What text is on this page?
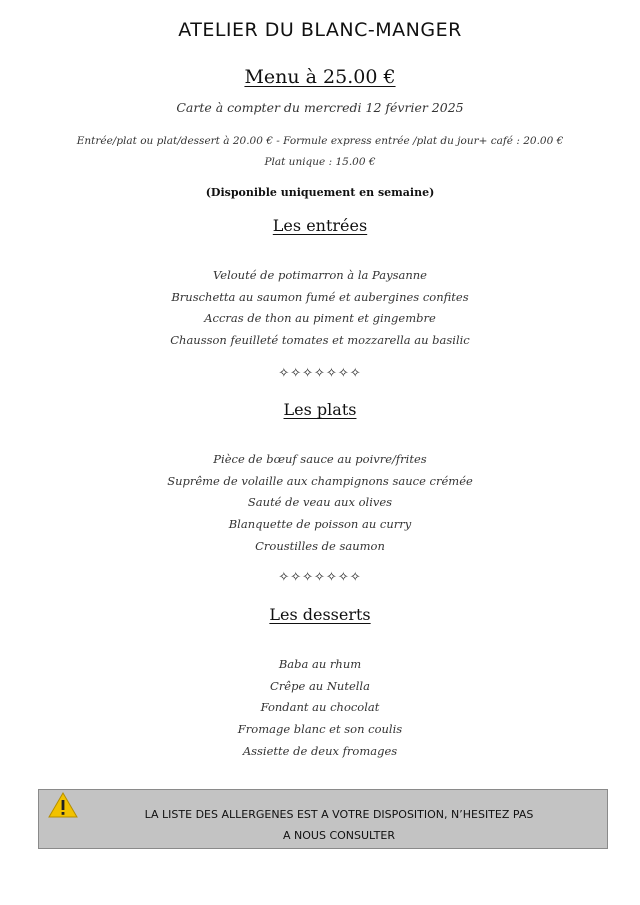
ATELIER DU BLANC-MANGER
Menu à 25.00 €
Carte à compter du mercredi 12 février 2025
Entrée/plat ou plat/dessert à 20.00 € - Formule express entrée /plat du jour+ café : 20.00 €
Plat unique : 15.00 €
(Disponible uniquement en semaine)
Les entrées
Velouté de potimarron à la Paysanne
Bruschetta au saumon fumé et aubergines confites
Accras de thon au piment et gingembre
Chausson feuilleté tomates et mozzarella au basilic
✧✧✧✧✧✧✧
Les plats
Pièce de bœuf sauce au poivre/frites
Suprême de volaille aux champignons sauce crémée
Sauté de veau aux olives
Blanquette de poisson au curry
Croustilles de saumon
✧✧✧✧✧✧✧
Les desserts
Baba au rhum
Crêpe au Nutella
Fondant au chocolat
Fromage blanc et son coulis
Assiette de deux fromages
LA LISTE DES ALLERGENES EST A VOTRE DISPOSITION, N’HESITEZ PAS
A NOUS CONSULTER
